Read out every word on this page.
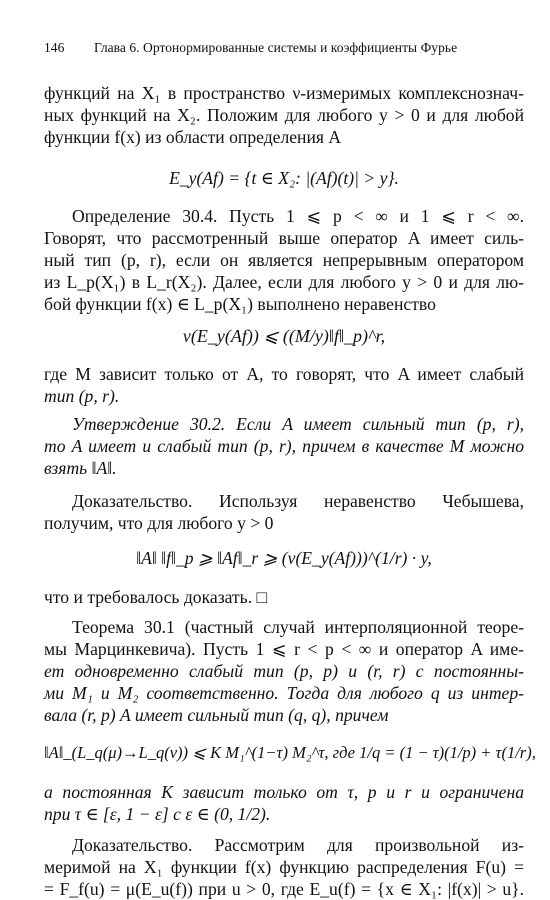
146 Глава 6. Ортонормированные системы и коэффициенты Фурье
функций на X₁ в пространство ν-измеримых комплекснознач-
ных функций на X₂. Положим для любого y > 0 и для любой
функции f(x) из области определения A
E_y(Af) = {t ∈ X₂: |(Af)(t)| > y}.
Определение 30.4. Пусть 1 ⩽ p < ∞ и 1 ⩽ r < ∞.
Говорят, что рассмотренный выше оператор A имеет силь-
ный тип (p, r), если он является непрерывным оператором
из L_p(X₁) в L_r(X₂). Далее, если для любого y > 0 и для лю-
бой функции f(x) ∈ L_p(X₁) выполнено неравенство
ν(E_y(Af)) ⩽ ((M/y)‖f‖_p)^r,
где M зависит только от A, то говорят, что A имеет слабый
тип (p, r).
Утверждение 30.2. Если A имеет сильный тип (p, r),
то A имеет и слабый тип (p, r), причем в качестве M можно
взять ‖A‖.
Доказательство. Используя неравенство Чебышева,
получим, что для любого y > 0
‖A‖ ‖f‖_p ⩾ ‖Af‖_r ⩾ (ν(E_y(Af)))^(1/r) · y,
что и требовалось доказать. □
Теорема 30.1 (частный случай интерполяционной теоре-
мы Марцинкевича). Пусть 1 ⩽ r < p < ∞ и оператор A име-
ет одновременно слабый тип (p, p) и (r, r) с постоянны-
ми M₁ и M₂ соответственно. Тогда для любого q из интер-
вала (r, p) A имеет сильный тип (q, q), причем
‖A‖_(L_q(μ)→L_q(ν)) ⩽ K M₁^(1−τ) M₂^τ, где 1/q = (1 − τ)(1/p) + τ(1/r),
а постоянная K зависит только от τ, p и r и ограничена
при τ ∈ [ε, 1 − ε] с ε ∈ (0, 1/2).
Доказательство. Рассмотрим для произвольной из-
меримой на X₁ функции f(x) функцию распределения F(u) =
= F_f(u) = μ(E_u(f)) при u > 0, где E_u(f) = {x ∈ X₁: |f(x)| > u}.
